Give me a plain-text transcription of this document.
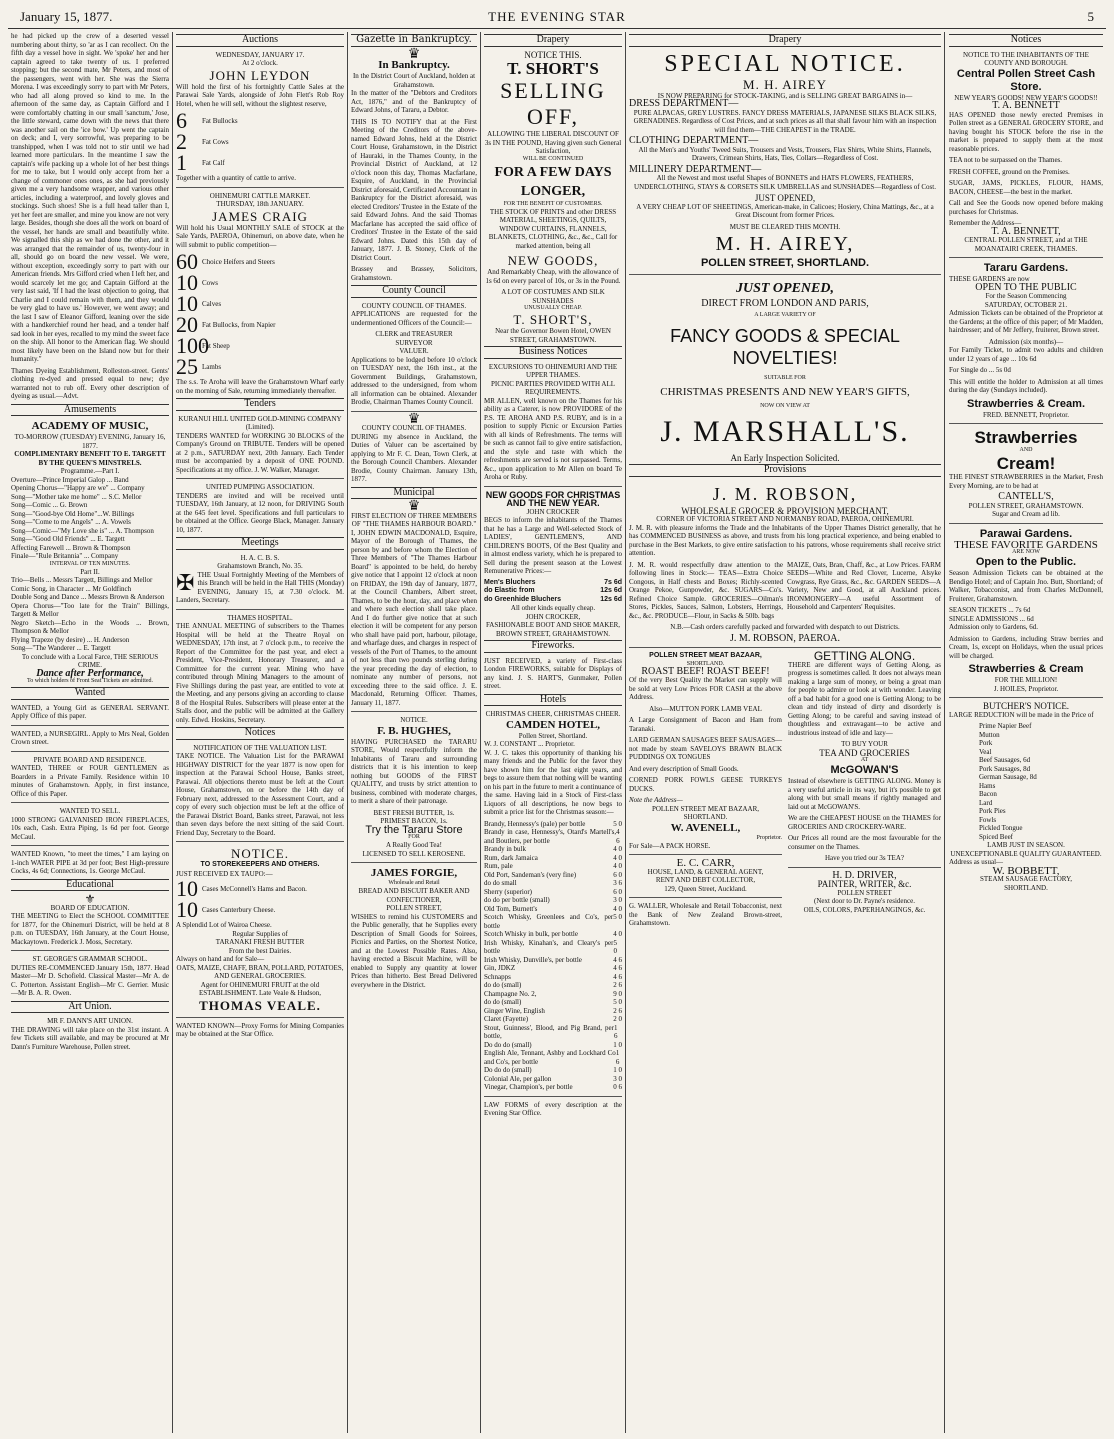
January 15, 1877.	THE EVENING STAR	5

he had picked up the crew of a deserted vessel numbering about thirty, so 'ar as I can recollect. On the fifth day a vessel hove in sight. We 'spoke' her and her captain agreed to take twenty of us. I preferred stopping; but the second mate, Mr Peters, and most of the passengers, went with her. She was the Sierra Morena. I was exceedingly sorry to part with Mr Peters, who had all along proved so kind to me. In the afternoon of the same day, as Captain Gifford and I were comfortably chatting in our small 'sanctum,' Jose, the little steward, came down with the news that there was another sail on the 'ice bow.' Up went the captain on deck; and I, very sorrowful, was preparing to be transhipped, when I was told not to stir until we had learned more particulars. In the meantime I saw the captain's wife packing up a whole lot of her best things for me to take, but I would only accept from her a change of commoner ones ones, as she had previously given me a very handsome wrapper, and various other articles, including a waterproof, and lovely gloves and stockings. Such shoes! She is a full head taller than I, yet her feet are smaller, and mine you know are not very large. Besides, though she does all the work on board of the vessel, her hands are small and beautifully white. We signalled this ship as we had done the other, and it was arranged that the remainder of us, twenty-four in all, should go on board the new vessel. We were, without exception, exceedingly sorry to part with our American friends. Mrs Gifford cried when I left her, and would scarcely let me go; and Captain Gifford at the very last said, 'If I had the least objection to going, that Charlie and I could remain with them, and they would be very glad to have us.' However, we went away; and the last I saw of Eleanor Gifford, leaning over the side with a handkerchief round her head, and a tender half sad look in her eyes, recalled to my mind the sweet face on the ship. All honor to the American flag. We should most likely have been on the Island now but for their humanity."

Thames Dyeing Establishment, Rolleston-street. Gents' clothing re-dyed and pressed equal to new; dye warranted not to rub off. Every other description of dyeing as usual.—Advt.

Amusements
ACADEMY OF MUSIC,
TO-MORROW (TUESDAY) EVENING, January 16, 1877.
COMPLIMENTARY BENEFIT TO E. TARGETT BY THE QUEEN'S MINSTRELS.
Programme.—Part I.
Overture—Prince Imperial Galop ... Band
Opening Chorus—"Happy are we" ... Company
Song—"Mother take me home" ... S.C. Mellor
Song—Comic ... G. Brown
Song—"Good-bye Old Home"...W. Billings
Song—"Come to me Angels" ... A. Vowels
Song—Comic—"My Love she is" ... A. Thompson
Song—"Good Old Friends" ... E. Targett
Affecting Farewell ... Brown & Thompson
Finale—"Rule Britannia" ... Company
INTERVAL OF TEN MINUTES.
Part II.
Trio—Bells ... Messrs Targett, Billings and Mellor
Comic Song, in Character ... Mr Goldfinch
Double Song and Dance ... Messrs Brown & Anderson
Opera Chorus—"Too late for the Train" Billings, Targett & Mellor
Negro Sketch—Echo in the Woods ... Brown, Thompson & Mellor
Flying Trapeze (by desire) ... H. Anderson
Song—"The Wanderer ... E. Targett
To conclude with a Local Farce, THE SERIOUS CRIME.
Dance after Performance,
To which holders of Front Seat Tickets are admitted.
Wanted

WANTED, a Young Girl as GENERAL SERVANT. Apply Office of this paper.

WANTED, a NURSEGIRL. Apply to Mrs Neal, Golden Crown street.

PRIVATE BOARD AND RESIDENCE.

WANTED, THREE or FOUR GENTLEMEN as Boarders in a Private Family. Residence within 10 minutes of Grahamstown. Apply, in first instance, Office of this Paper.

WANTED TO SELL.

1000 STRONG GALVANISED IRON FIREPLACES, 10s each, Cash. Extra Piping, 1s 6d per foot. George McCaul.

WANTED Known, "to meet the times," I am laying on 1-inch WATER PIPE at 3d per foot; Best High-pressure Cocks, 4s 6d; Connections, 1s. George McCaul.

Educational
⚜
BOARD OF EDUCATION.

THE MEETING to Elect the SCHOOL COMMITTEE for 1877, for the Ohinemuri District, will be held at 8 p.m. on TUESDAY, 16th January, at the Court House, Mackaytown. Frederick J. Moss, Secretary.

ST. GEORGE'S GRAMMAR SCHOOL.

DUTIES RE-COMMENCED January 15th, 1877. Head Master—Mr D. Schofield. Classical Master—Mr A. de C. Potterton. Assistant English—Mr C. Gerrier. Music—Mr B. A. R. Owen.

Art Union.
MR F. DANN'S ART UNION.

THE DRAWING will take place on the 31st instant. A few Tickets still available, and may be procured at Mr Dann's Furniture Warehouse, Pollen street.

Auctions
WEDNESDAY, JANUARY 17.
At 2 o'clock.
JOHN LEYDON

Will hold the first of his fortnightly Cattle Sales at the Parawai Sale Yards, alongside of John Flett's Rob Roy Hotel, when he will sell, without the slightest reserve,

6	Fat Bullocks
2	Fat Cows
1	Fat Calf

Together with a quantity of cattle to arrive.

OHINEMURI CATTLE MARKET.
THURSDAY, 18th JANUARY.
JAMES CRAIG

Will hold his Usual MONTHLY SALE of STOCK at the Sale Yards, PAEROA, Ohinemuri, on above date, when he will submit to public competition—

60 Choice Heifers and Steers
10 Cows
10 Calves
20 Fat Bullocks, from Napier
100
Fat Sheep
25 Lambs

The s.s. Te Aroha will leave the Grahamstown Wharf early on the morning of Sale, returning immediately thereafter.

Tenders
KURANUI HILL UNITED GOLD-MINING COMPANY (Limited).

TENDERS WANTED for WORKING 30 BLOCKS of the Company's Ground on TRIBUTE. Tenders will be opened at 2 p.m., SATURDAY next, 20th January. Each Tender must be accompanied by a deposit of ONE POUND. Specifications at my office. J. W. Walker, Manager.

UNITED PUMPING ASSOCIATION.

TENDERS are invited and will be received until TUESDAY, 16th January, at 12 noon, for DRIVING South at the 645 feet level. Specifications and full particulars to be obtained at the Office. George Black, Manager. January 10, 1877.

Meetings
H. A. C. B. S.
Grahamstown Branch, No. 35.
✠ THE Usual Fortnightly Meeting of the Members of this Branch will be held in the Hall THIS (Monday) EVENING, January 15, at 7.30 o'clock. M. Landers, Secretary.

THAMES HOSPITAL.

THE ANNUAL MEETING of subscribers to the Thames Hospital will be held at the Theatre Royal on WEDNESDAY, 17th inst, at 7 o'clock p.m., to receive the Report of the Committee for the past year, and elect a President, Vice-President, Honorary Treasurer, and a Committee for the current year. Mining who have contributed through Mining Managers to the amount of Five Shillings during the past year, are entitled to vote at the Meeting, and any persons giving an according to clause 8 of the Hospital Rules. Subscribers will please enter at the Stalls door, and the public will be admitted at the Gallery only. Edwd. Hoskins, Secretary.

Notices
NOTIFICATION OF THE VALUATION LIST.

TAKE NOTICE. The Valuation List for the PARAWAI HIGHWAY DISTRICT for the year 1877 is now open for inspection at the Parawai School House, Banks street, Parawai. All objections thereto must be left at the Court House, Grahamstown, on or before the 14th day of February next, addressed to the Assessment Court, and a copy of every such objection must be left at the office of the Parawai District Board, Banks street, Parawai, not less than seven days before the next sitting of the said Court. Friend Day, Secretary to the Board.

NOTICE.
TO STOREKEEPERS AND OTHERS.
JUST RECEIVED EX TAUPO:—
10 Cases McConnell's Hams and Bacon.
10 Cases Canterbury Cheese.
A Splendid Lot of Wairoa Cheese.
Regular Supplies of
TARANAKI FRESH BUTTER
From the best Dairies.
Always on hand and for Sale—
OATS, MAIZE, CHAFF, BRAN, POLLARD, POTATOES, AND GENERAL GROCERIES.
Agent for OHINEMURI FRUIT at the old ESTABLISHMENT. Late Veale & Hudson,
THOMAS VEALE.

WANTED KNOWN—Proxy Forms for Mining Companies may be obtained at the Star Office.

Gazette in Bankruptcy.
♛
In Bankruptcy.
In the District Court of Auckland, holden at Grahamstown.

In the matter of the "Debtors and Creditors Act, 1876," and of the Bankruptcy of Edward Johns, of Tararu, a Debtor.

THIS IS TO NOTIFY that at the First Meeting of the Creditors of the above-named Edward Johns, held at the District Court House, Grahamstown, in the District of Hauraki, in the Thames County, in the Provincial District of Auckland, at 12 o'clock noon this day, Thomas Macfarlane, Esquire, of Auckland, in the Provincial District aforesaid, Certificated Accountant in Bankruptcy for the District aforesaid, was elected Creditors' Trustee in the Estate of the said Edward Johns. And the said Thomas Macfarlane has accepted the said office of Creditors' Trustee in the Estate of the said Edward Johns. Dated this 15th day of January, 1877. J. B. Stoney, Clerk of the District Court.

Brassey and Brassey, Solicitors, Grahamstown.

County Council
COUNTY COUNCIL OF THAMES.

APPLICATIONS are requested for the undermentioned Officers of the Council:—

CLERK and TREASURER
SURVEYOR
VALUER.

Applications to be lodged before 10 o'clock on TUESDAY next, the 16th inst., at the Government Buildings, Grahamstown, addressed to the undersigned, from whom all information can be obtained. Alexander Brodie, Chairman Thames County Council.

♛
COUNTY COUNCIL OF THAMES.

DURING my absence in Auckland, the Duties of Valuer can be ascertained by applying to Mr F. C. Dean, Town Clerk, at the Borough Council Chambers. Alexander Brodie, County Chairman. January 13th, 1877.

Municipal
♛
FIRST ELECTION OF THREE MEMBERS OF "THE THAMES HARBOUR BOARD."

I, JOHN EDWIN MACDONALD, Esquire, Mayor of the Borough of Thames, the person by and before whom the Election of Three Members of "The Thames Harbour Board" is appointed to be held, do hereby give notice that I appoint 12 o'clock at noon on FRIDAY, the 19th day of January, 1877, at the Council Chambers, Albert street, Thames, to be the hour, day, and place when and where such election shall take place. And I do further give notice that at such election it will be competent for any person who shall have paid port, harbour, pilotage, and wharfage dues, and charges in respect of vessels of the Port of Thames, to the amount of not less than two pounds sterling during the year preceding the day of election, to nominate any number of persons, not exceeding three to the said office. J. E. Macdonald, Returning Officer. Thames, January 11, 1877.

NOTICE.
F. B. HUGHES,

HAVING PURCHASED the TARARU STORE, Would respectfully inform the Inhabitants of Tararu and surrounding districts that it is his intention to keep nothing but GOODS of the FIRST QUALITY, and trusts by strict attention to business, combined with moderate charges, to merit a share of their patronage.

BEST FRESH BUTTER, 1s.
PRIMEST BACON, 1s.
Try the Tararu Store
FOR
A Really Good Tea!
LICENSED TO SELL KEROSENE.
JAMES FORGIE,
Wholesale and Retail
BREAD AND BISCUIT BAKER AND CONFECTIONER,
POLLEN STREET,

WISHES to remind his CUSTOMERS and the Public generally, that he Supplies every Description of Small Goods for Soirees, Picnics and Parties, on the Shortest Notice, and at the Lowest Possible Rates. Also, having erected a Biscuit Machine, will be enabled to Supply any quantity at lower Prices than hitherto. Best Bread Delivered everywhere in the District.

Drapery
NOTICE THIS.
T. SHORT'S
SELLING OFF,
ALLOWING THE LIBERAL DISCOUNT OF 3s IN THE POUND, Having given such General Satisfaction,
WILL BE CONTINUED
FOR A FEW DAYS LONGER,
FOR THE BENEFIT OF CUSTOMERS.

THE STOCK OF PRINTS and other DRESS MATERIAL, SHEETINGS, QUILTS, WINDOW CURTAINS, FLANNELS, BLANKETS, CLOTHING, &c., &c., Call for marked attention, being all

NEW GOODS,

And Remarkably Cheap, with the allowance of 1s 6d on every parcel of 10s, or 3s in the Pound.

A LOT OF COSTUMES AND SILK SUNSHADES
UNUSUALLY CHEAP.
T. SHORT'S,
Near the Governor Bowen Hotel, OWEN STREET, GRAHAMSTOWN.
Business Notices
EXCURSIONS TO OHINEMURI AND THE UPPER THAMES.
PICNIC PARTIES PROVIDED WITH ALL REQUIREMENTS.

MR ALLEN, well known on the Thames for his ability as a Caterer, is now PROVIDORE of the P.S. TE AROHA AND P.S. RUBY, and is in a position to supply Picnic or Excursion Parties with all kinds of Refreshments. The terms will be such as cannot fail to give entire satisfaction, and the style and taste with which the refreshments are served is not surpassed. Terms, &c., upon application to Mr Allen on board Te Aroha or Ruby.

NEW GOODS FOR CHRISTMAS AND THE NEW YEAR.
JOHN CROCKER

BEGS to inform the inhabitants of the Thames that he has a Large and Well-selected Stock of LADIES', GENTLEMEN'S, AND CHILDREN'S BOOTS, Of the Best Quality and in almost endless variety, which he is prepared to Sell during the present season at the Lowest Remunerative Prices:—

Men's Bluchers	7s 6d
do Elastic from	12s 6d
do Greenhide Bluchers	12s 6d
All other kinds equally cheap.
JOHN CROCKER,
FASHIONABLE BOOT AND SHOE MAKER, BROWN STREET, GRAHAMSTOWN.
Fireworks.

JUST RECEIVED, a variety of First-class London FIREWORKS, suitable for Displays of any kind. J. S. HART'S, Gunmaker, Pollen street.

Hotels
CHRISTMAS CHEER, CHRISTMAS CHEER.
CAMDEN HOTEL,
Pollen Street, Shortland.
W. J. CONSTANT ... Proprietor.

W. J. C. takes this opportunity of thanking his many friends and the Public for the favor they have shown him for the last eight years, and begs to assure them that nothing will be wanting on his part in the future to merit a continuance of the same. Having laid in a Stock of First-class Liquors of all descriptions, he now begs to submit a price list for the Christmas season:—

Brandy, Hennessy's (pale) per bottle	5 0
Brandy in case, Hennessy's, Otard's Martell's, and Boutlers, per bottle
4 6
Brandy in bulk	4 0
Rum, dark Jamaica	4 0
Rum, pale	4 0
Old Port, Sandeman's (very fine)	6 0
do do small	3 6
Sherry (superior)	6 0
do do per bottle (small)	3 0
Old Tom, Burnett's	4 0
Scotch Whisky, Greenlees and Co's, per bottle
5 0
Scotch Whisky in bulk, per bottle	4 0
Irish Whisky, Kinahan's, and Cleary's per bottle
5 0
Irish Whisky, Dunville's, per bottle	4 6
Gin, JDKZ	4 6
Schnapps	4 6
do do (small)	2 6
Champagne No. 2,	9 0
do do (small)	5 0
Ginger Wine, English	2 6
Claret (Fayette)	2 0
Stout, Guinness', Blood, and Pig Brand, per bottle,
1 6
Do do do (small)	1 0
English Ale, Tennant, Ashby and Lockhard Co and Co's, per bottle
1 6
Do do do (small)	1 0
Colonial Ale, per gallon	3 0
Vinegar, Champion's, per bottle	0 6

LAW FORMS of every description at the Evening Star Office.

Drapery
SPECIAL NOTICE.
M. H. AIREY
IS NOW PREPARING for STOCK-TAKING, and is SELLING GREAT BARGAINS in—
DRESS DEPARTMENT—

PURE ALPACAS, GREY LUSTRES. FANCY DRESS MATERIALS, JAPANESE SILKS BLACK SILKS, GRENADINES. Regardless of Cost Prices, and at such prices as all that shall favour him with an inspection will find them—THE CHEAPEST in the TRADE.

CLOTHING DEPARTMENT—

All the Men's and Youths' Tweed Suits, Trousers and Vests, Trousers, Flax Shirts, White Shirts, Flannels, Drawers, Crimean Shirts, Hats, Ties, Collars—Regardless of Cost.

MILLINERY DEPARTMENT—

All the Newest and most useful Shapes of BONNETS and HATS FLOWERS, FEATHERS, UNDERCLOTHING, STAYS & CORSETS SILK UMBRELLAS and SUNSHADES—Regardless of Cost.

JUST OPENED,

A VERY CHEAP LOT OF SHEETINGS, American-make, in Calicoes; Hosiery, China Mattings, &c., at a Great Discount from former Prices.

MUST BE CLEARED THIS MONTH.
M. H. AIREY,
POLLEN STREET, SHORTLAND.
JUST OPENED,
DIRECT FROM LONDON AND PARIS,
A LARGE VARIETY OF
FANCY GOODS & SPECIAL NOVELTIES!
SUITABLE FOR
CHRISTMAS PRESENTS AND NEW YEAR'S GIFTS,
NOW ON VIEW AT
J. MARSHALL'S.
An Early Inspection Solicited.
Provisions
J. M. ROBSON,
WHOLESALE GROCER & PROVISION MERCHANT,
CORNER OF VICTORIA STREET AND NORMANBY ROAD, PAEROA, OHINEMURI.

J. M. R. with pleasure informs the Trade and the Inhabitants of the Upper Thames District generally, that he has COMMENCED BUSINESS as above, and trusts from his long practical experience, and being enabled to purchase in the Best Markets, to give entire satisfaction to his patrons, whose requirements shall receive strict attention.

J. M. R. would respectfully draw attention to the following lines in Stock:— TEAS—Extra Choice Congous, in Half chests and Boxes; Richly-scented Orange Pekoe, Gunpowder, &c. SUGARS—Co's. Refined Choice Sample. GROCERIES—Oilman's Stores, Pickles, Sauces, Salmon, Lobsters, Herrings, &c., &c. PRODUCE—Flour, in Sacks & 50lb. bags

MAIZE, Oats, Bran, Chaff, &c., at Low Prices. FARM SEEDS—White and Red Clover, Lucerne, Alsyke Cowgrass, Rye Grass, &c., &c. GARDEN SEEDS—A Variety, New and Good, at all Auckland prices. IRONMONGERY—A useful Assortment of Household and Carpenters' Requisites.

N.B.—Cash orders carefully packed and forwarded with despatch to out Districts.

J. M. ROBSON, PAEROA.
POLLEN STREET MEAT BAZAAR,
SHORTLAND.
ROAST BEEF! ROAST BEEF!

Of the very Best Quality the Market can supply will be sold at very Low Prices FOR CASH at the above Address.

Also—MUTTON PORK LAMB VEAL

A Large Consignment of Bacon and Ham from Taranaki.

LARD GERMAN SAUSAGES BEEF SAUSAGES—not made by steam SAVELOYS BRAWN BLACK PUDDINGS OX TONGUES

And every description of Small Goods.

CORNED PORK FOWLS GEESE TURKEYS DUCKS.

Note the Address—
POLLEN STREET MEAT BAZAAR,
SHORTLAND.
W. AVENELL,
Proprietor.
For Sale—A PACK HORSE.
E. C. CARR,
HOUSE, LAND, & GENERAL AGENT,
RENT AND DEBT COLLECTOR,
129, Queen Street, Auckland.

G. WALLER, Wholesale and Retail Tobacconist, next the Bank of New Zealand Brown-street, Grahamstown.

GETTING ALONG.

THERE are different ways of Getting Along, as progress is sometimes called. It does not always mean making a large sum of money, or being a great man for people to admire or look at with wonder. Leaving off a bad habit for a good one is Getting Along; to be clean and tidy instead of dirty and disorderly is Getting Along; to be careful and saving instead of thoughtless and extravagant—to be active and industrious instead of idle and lazy—

TO BUY YOUR
TEA AND GROCERIES
AT
McGOWAN'S

Instead of elsewhere is GETTING ALONG. Money is a very useful article in its way, but it's possible to get along with but small means if rightly managed and laid out at McGOWAN'S.

We are the CHEAPEST HOUSE on the THAMES for GROCERIES AND CROCKERY-WARE.

Our Prices all round are the most favourable for the consumer on the Thames.

Have you tried our 3s TEA?
H. D. DRIVER,
PAINTER, WRITER, &c.
POLLEN STREET
(Next door to Dr. Payne's residence.
OILS, COLORS, PAPERHANGINGS, &c.
Notices
NOTICE TO THE INHABITANTS OF THE COUNTY AND BOROUGH.
Central Pollen Street Cash Store.
NEW YEAR'S GOODS! NEW YEAR'S GOODS!!
T. A. BENNETT

HAS OPENED those newly erected Premises in Pollen street as a GENERAL GROCERY STORE, and having bought his STOCK before the rise in the market is prepared to supply them at the most reasonable prices.

TEA not to be surpassed on the Thames.

FRESH COFFEE, ground on the Premises.

SUGAR, JAMS, PICKLES, FLOUR, HAMS, BACON, CHEESE—the best in the market.

Call and See the Goods now opened before making purchases for Christmas.

Remember the Address—
T. A. BENNETT,
CENTRAL POLLEN STREET, and at THE MOANATAIRI CREEK, THAMES.
Tararu Gardens.
THESE GARDENS are now
OPEN TO THE PUBLIC
For the Season Commencing
SATURDAY, OCTOBER 21.

Admission Tickets can be obtained of the Proprietor at the Gardens; at the office of this paper; of Mr Madden, hairdresser; and of Mr Jeffery, fruiterer, Brown street.

Admission (six months)—

For Family Ticket, to admit two adults and children under 12 years of age ... 10s 6d

For Single do ... 5s 0d

This will entitle the holder to Admission at all times during the day (Sundays included).

Strawberries & Cream.
FRED. BENNETT, Proprietor.
Strawberries
AND
Cream!

THE FINEST STRAWBERRIES in the Market, Fresh Every Morning, are to be had at

CANTELL'S,
POLLEN STREET, GRAHAMSTOWN.
Sugar and Cream ad lib.
Parawai Gardens.
THESE FAVORITE GARDENS
ARE NOW
Open to the Public.

Season Admission Tickets can be obtained at the Bendigo Hotel; and of Captain Jno. Butt, Shortland; of Walker, Tobacconist, and from Charles McDonnell, Fruiterer, Grahamstown.

SEASON TICKETS ... 7s 6d
SINGLE ADMISSIONS ... 6d

Admission only to Gardens, 6d.

Admission to Gardens, including Straw berries and Cream, 1s, except on Holidays, when the usual prices will be charged.

Strawberries & Cream
FOR THE MILLION!
J. HOILES, Proprietor.
BUTCHER'S NOTICE.

LARGE REDUCTION will be made in the Price of

Prime Napier Beef
Mutton
Pork
Veal
Beef Sausages, 6d
Pork Sausages, 8d
German Sausage, 8d
Hams
Bacon
Lard
Pork Pies
Fowls
Pickled Tongue
Spiced Beef
LAMB JUST IN SEASON.
UNEXCEPTIONABLE QUALITY GUARANTEED.
Address as usual—
W. BOBBETT,
STEAM SAUSAGE FACTORY,
SHORTLAND.
